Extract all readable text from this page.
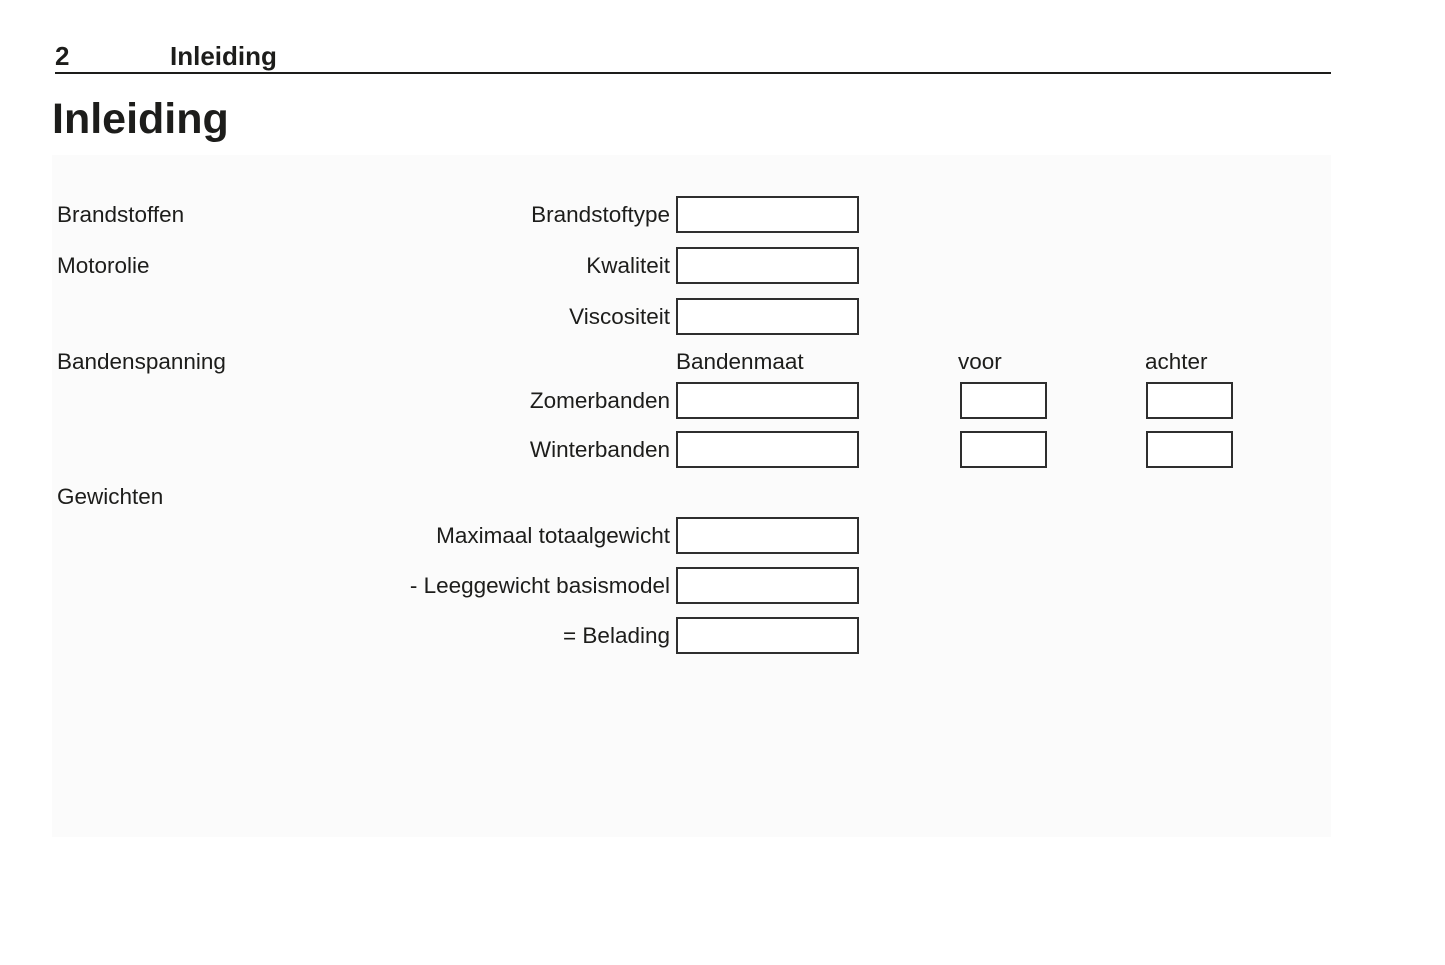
2	Inleiding
Inleiding
Brandstoffen	Brandstoftype
Motorolie	Kwaliteit
Viscositeit
Bandenspanning	Bandenmaat	voor	achter
Zomerbanden
Winterbanden
Gewichten
Maximaal totaalgewicht
- Leeggewicht basismodel
= Belading
